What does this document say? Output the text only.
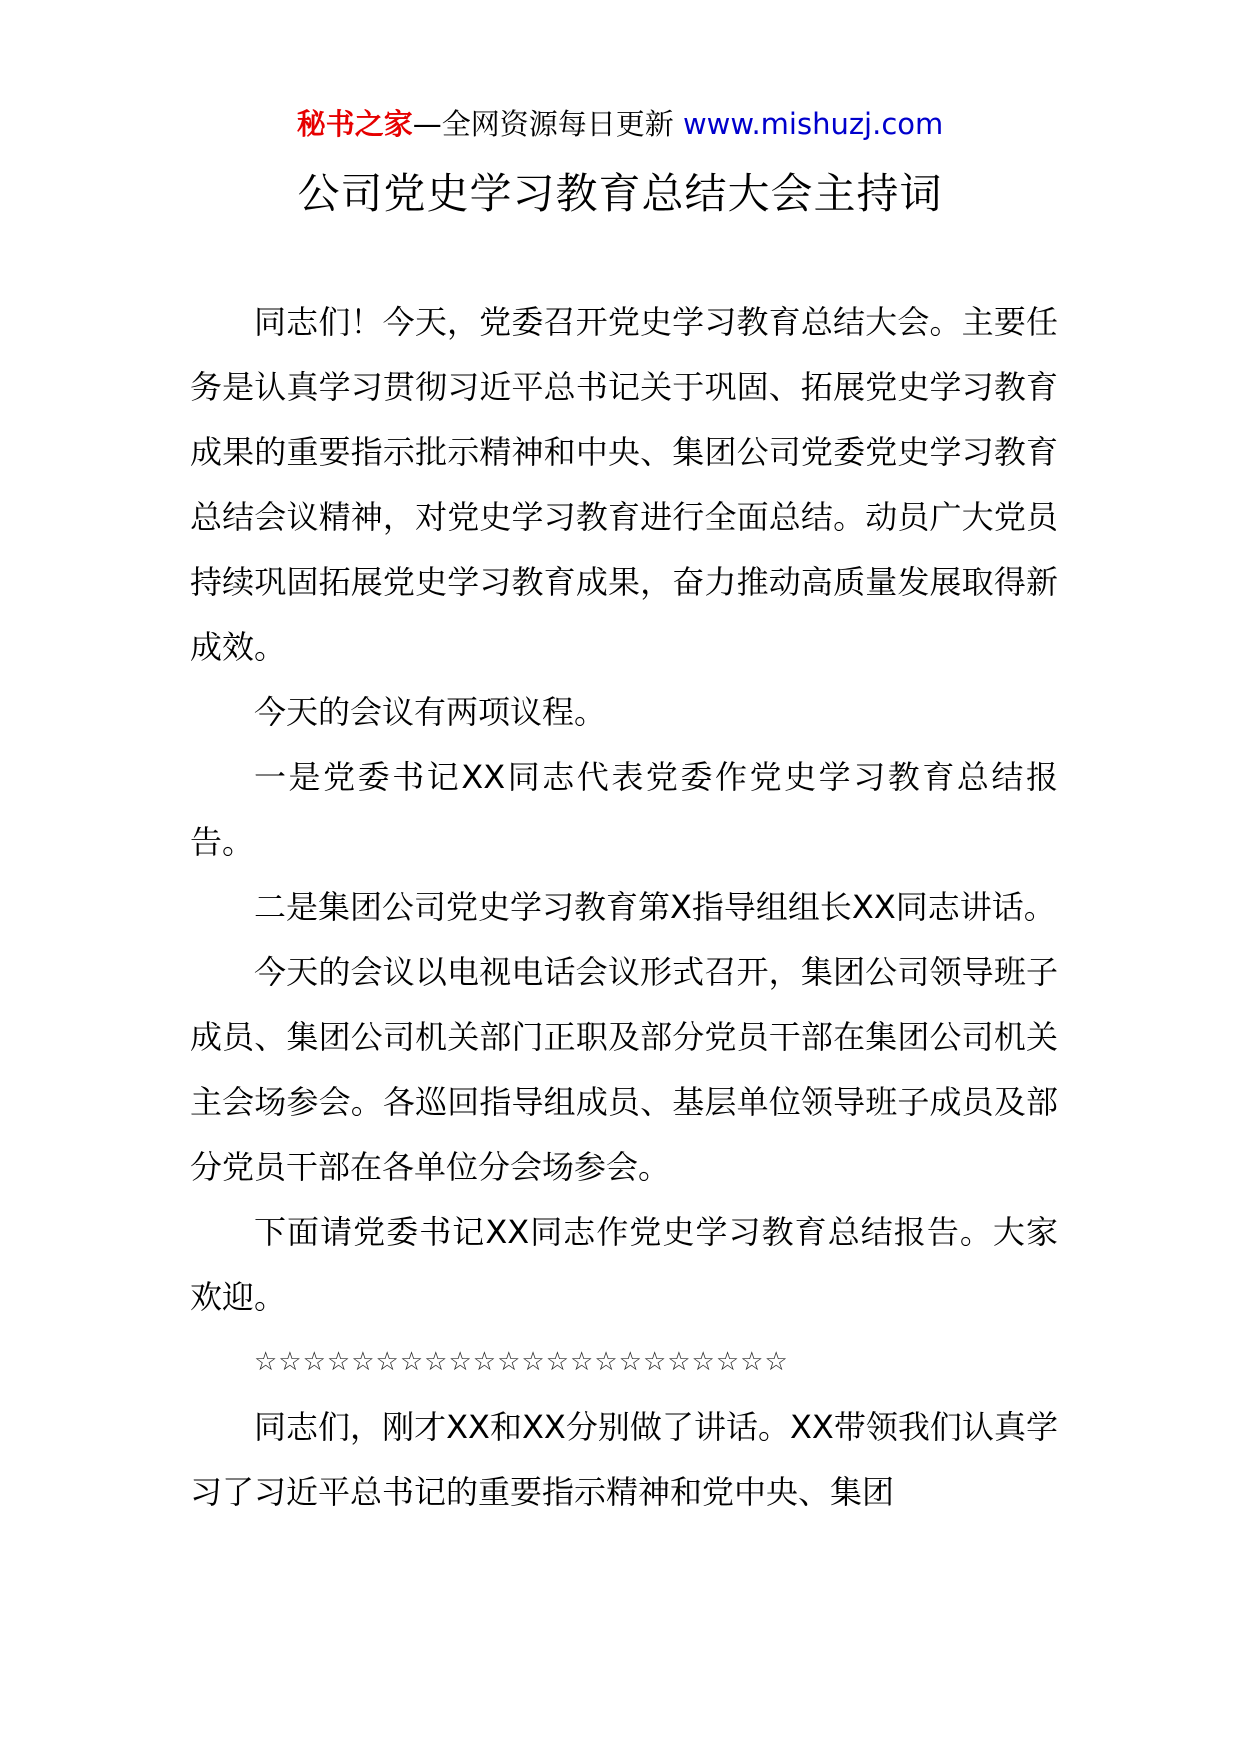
秘书之家—全网资源每日更新 www.mishuzj.com
公司党史学习教育总结大会主持词

同志们！今天，党委召开党史学习教育总结大会。主要任务是认真学习贯彻习近平总书记关于巩固、拓展党史学习教育成果的重要指示批示精神和中央、集团公司党委党史学习教育总结会议精神，对党史学习教育进行全面总结。动员广大党员持续巩固拓展党史学习教育成果，奋力推动高质量发展取得新成效。

今天的会议有两项议程。

一是党委书记XX同志代表党委作党史学习教育总结报告。

二是集团公司党史学习教育第X指导组组长XX同志讲话。

今天的会议以电视电话会议形式召开，集团公司领导班子成员、集团公司机关部门正职及部分党员干部在集团公司机关主会场参会。各巡回指导组成员、基层单位领导班子成员及部分党员干部在各单位分会场参会。

下面请党委书记XX同志作党史学习教育总结报告。大家欢迎。

☆☆☆☆☆☆☆☆☆☆☆☆☆☆☆☆☆☆☆☆☆☆

同志们，刚才XX和XX分别做了讲话。XX带领我们认真学习了习近平总书记的重要指示精神和党中央、集团
